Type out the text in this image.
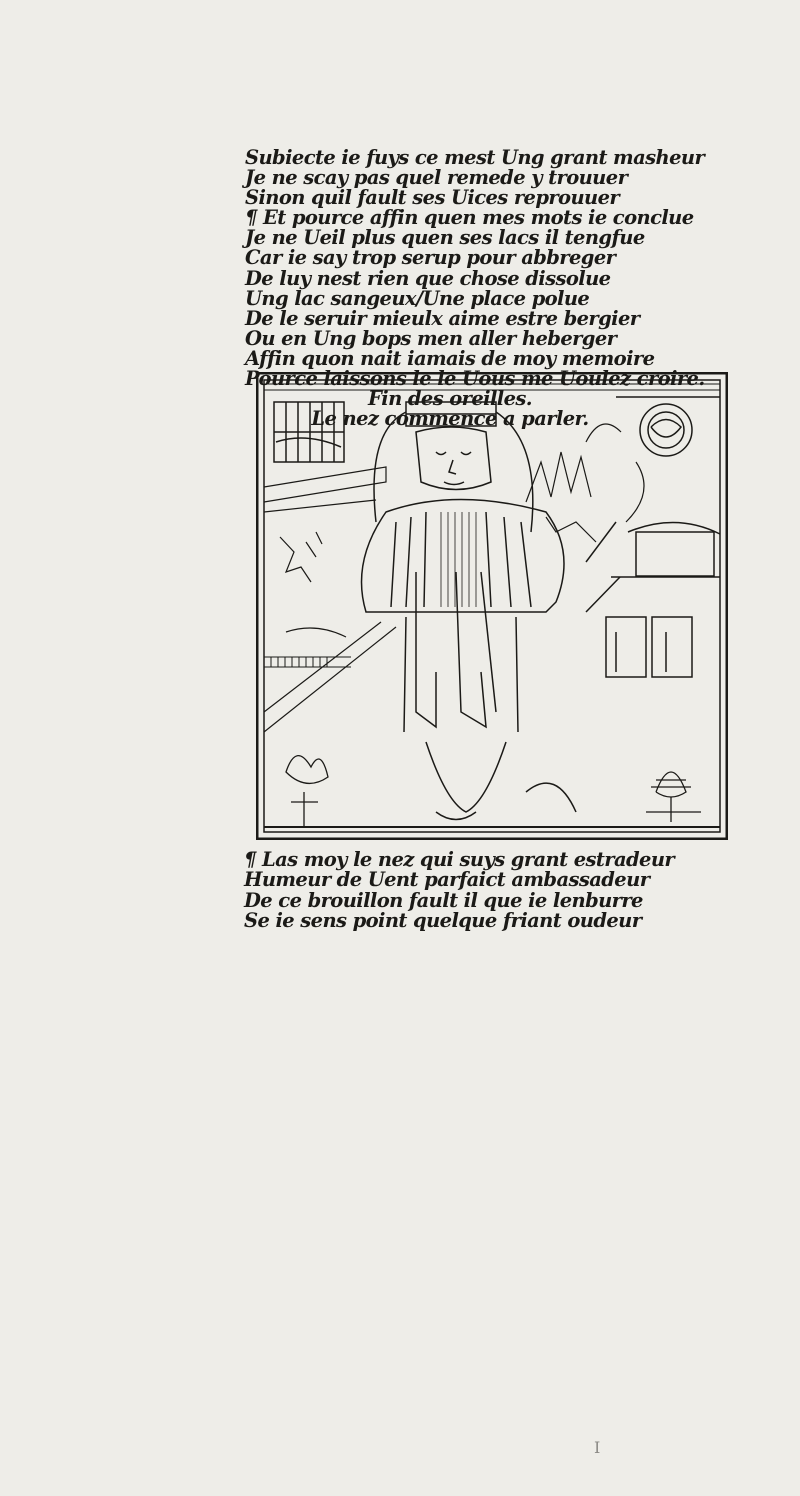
Subiecte ie fuys ce mest Ung grant masheur
Je ne scay pas quel remede y trouuer
Sinon quil fault ses Uices reprouuer
¶ Et pource affin quen mes mots ie conclue
Je ne Ueil plus quen ses lacs il tengfue
Car ie say trop serup pour abbreger
De luy nest rien que chose dissolue
Ung lac sangeux/Une place polue
De le seruir mieulx aime estre bergier
Ou en Ung bops men aller heberger
Affin quon nait iamais de moy memoire
Pource laissons le le Uous me Uoulez croire.
Fin des oreilles.
Le nez commence a parler.
¶ Las moy le nez qui suys grant estradeur
Humeur de Uent parfaict ambassadeur
De ce brouillon fault il que ie lenburre
Se ie sens point quelque friant oudeur
I
